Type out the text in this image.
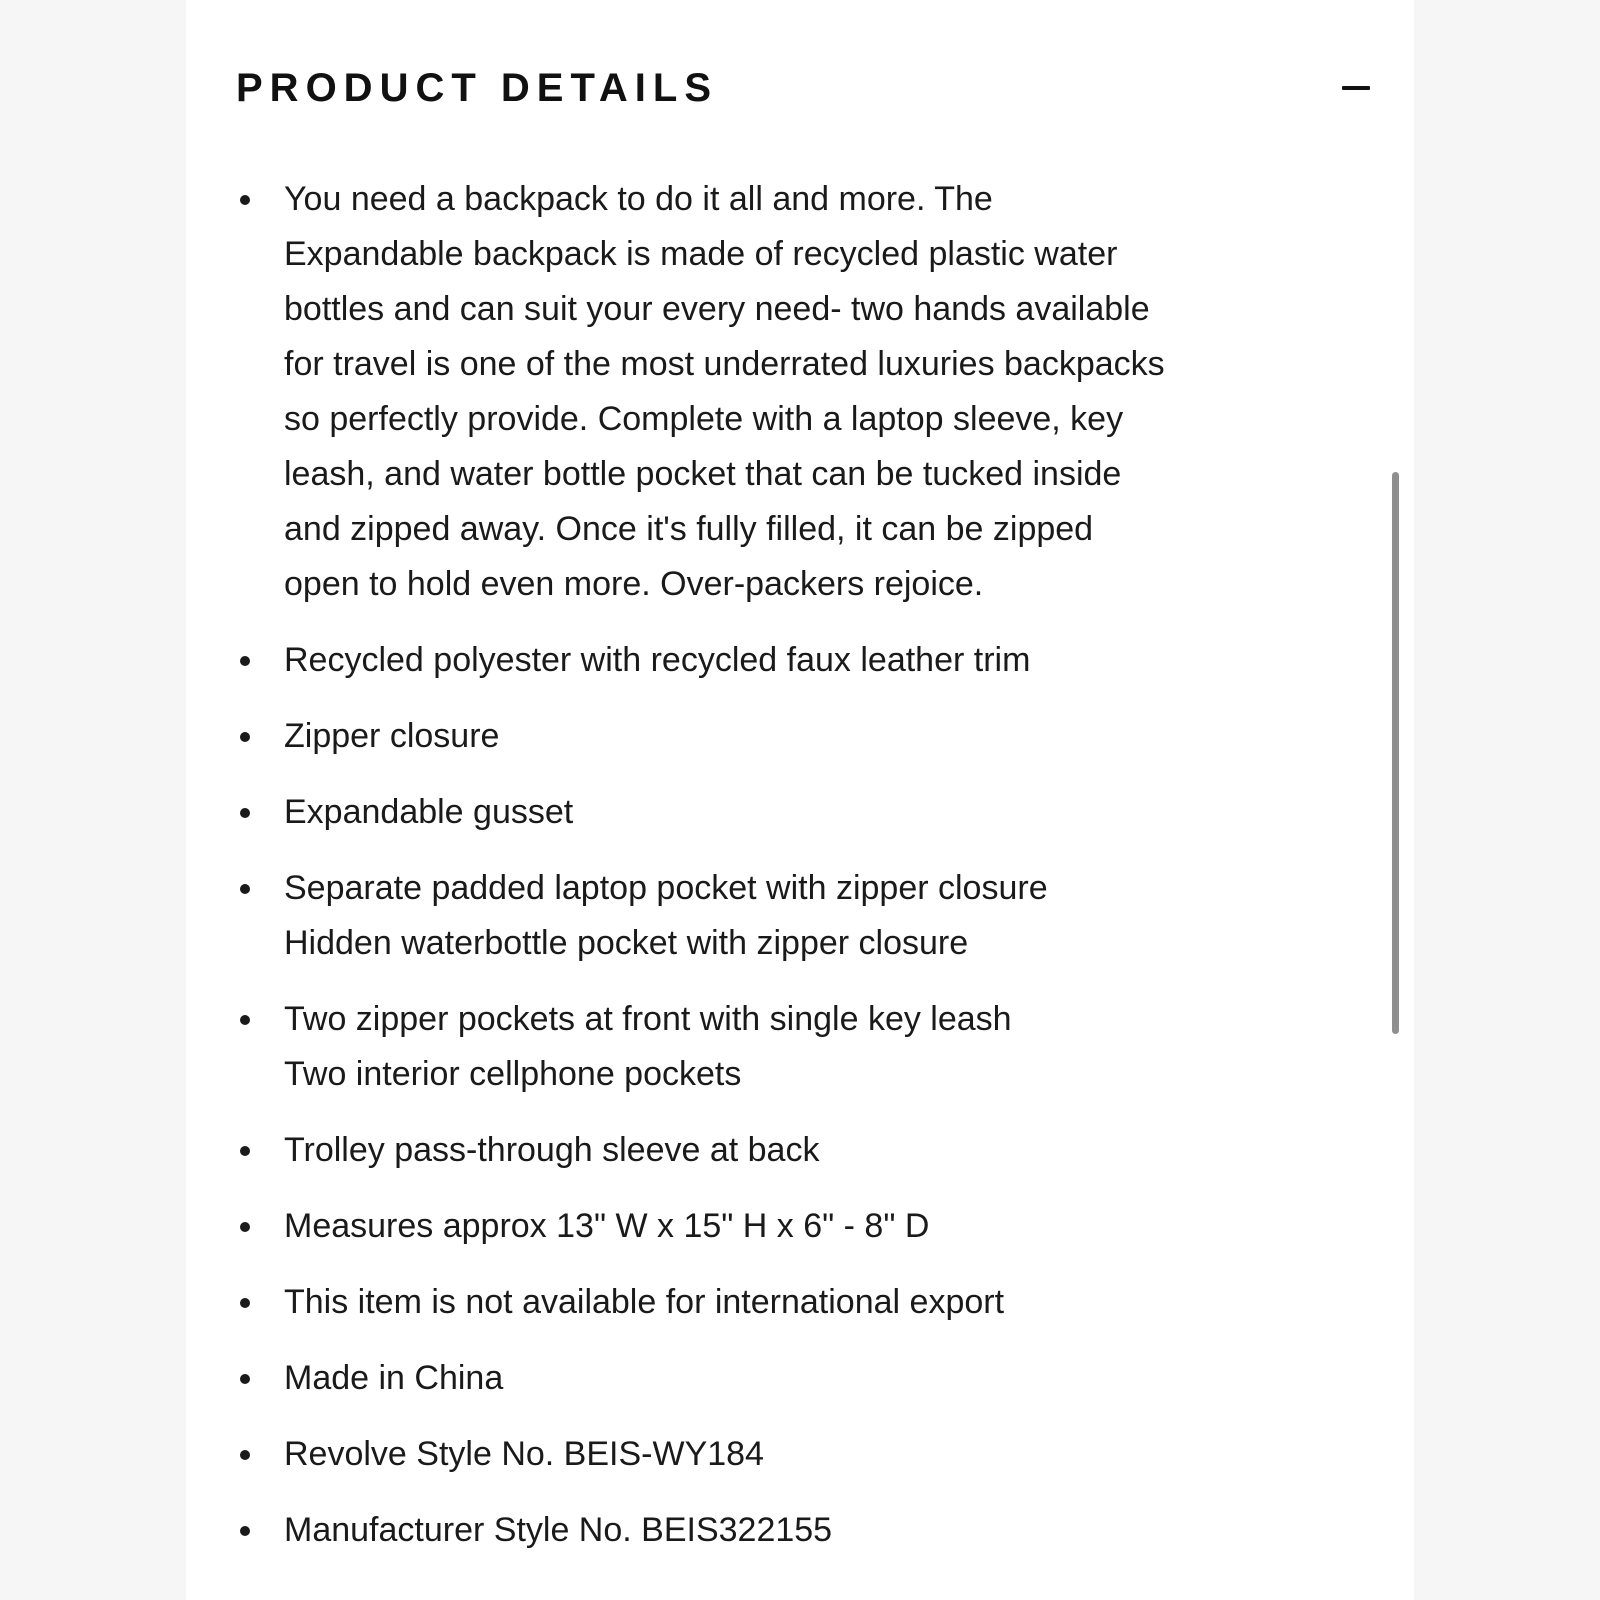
PRODUCT DETAILS
You need a backpack to do it all and more. The
Expandable backpack is made of recycled plastic water
bottles and can suit your every need- two hands available
for travel is one of the most underrated luxuries backpacks
so perfectly provide. Complete with a laptop sleeve, key
leash, and water bottle pocket that can be tucked inside
and zipped away. Once it's fully filled, it can be zipped
open to hold even more. Over-packers rejoice.
Recycled polyester with recycled faux leather trim
Zipper closure
Expandable gusset
Separate padded laptop pocket with zipper closure
Hidden waterbottle pocket with zipper closure
Two zipper pockets at front with single key leash
Two interior cellphone pockets
Trolley pass-through sleeve at back
Measures approx 13" W x 15" H x 6" - 8" D
This item is not available for international export
Made in China
Revolve Style No. BEIS-WY184
Manufacturer Style No. BEIS322155
